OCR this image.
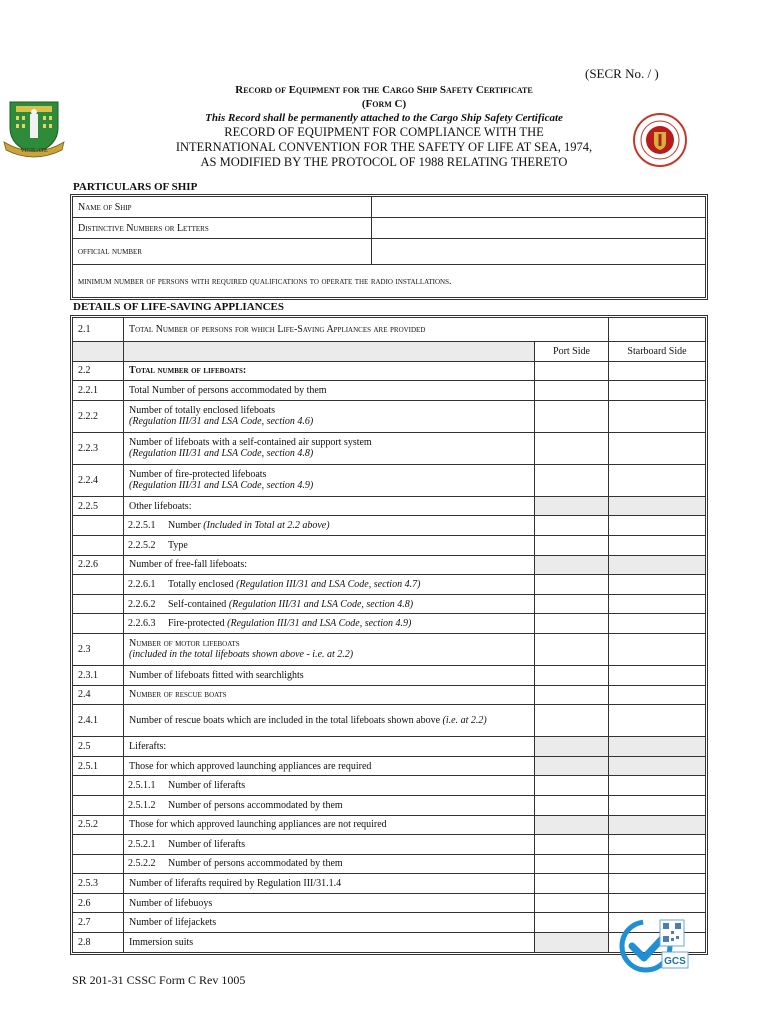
(SECR No. / )
Record of Equipment for the Cargo Ship Safety Certificate
(Form C)
This Record shall be permanently attached to the Cargo Ship Safety Certificate
RECORD OF EQUIPMENT FOR COMPLIANCE WITH THE
INTERNATIONAL CONVENTION FOR THE SAFETY OF LIFE AT SEA, 1974,
AS MODIFIED BY THE PROTOCOL OF 1988 RELATING THERETO
VIGILATE
PARTICULARS OF SHIP
Name of Ship	
Distinctive Numbers or Letters	
official number	
minimum number of persons with required qualifications to operate the radio installations.	
DETAILS OF LIFE-SAVING APPLIANCES
2.1	Total Number of persons for which Life-Saving Appliances are provided		
		Port Side	Starboard Side
2.2	Total number of lifeboats:		
2.2.1	Total Number of persons accommodated by them		
2.2.2	Number of totally enclosed lifeboats
(Regulation III/31 and LSA Code, section 4.6)		
2.2.3	Number of lifeboats with a self-contained air support system
(Regulation III/31 and LSA Code, section 4.8)		
2.2.4	Number of fire-protected lifeboats
(Regulation III/31 and LSA Code, section 4.9)		
2.2.5	Other lifeboats:		
	2.2.5.1 Number (Included in Total at 2.2 above)		
	2.2.5.2 Type		
2.2.6	Number of free-fall lifeboats:		
	2.2.6.1 Totally enclosed (Regulation III/31 and LSA Code, section 4.7)		
	2.2.6.2 Self-contained (Regulation III/31 and LSA Code, section 4.8)		
	2.2.6.3 Fire-protected (Regulation III/31 and LSA Code, section 4.9)		
2.3	Number of motor lifeboats
(included in the total lifeboats shown above - i.e. at 2.2)		
2.3.1	Number of lifeboats fitted with searchlights		
2.4	Number of rescue boats		
2.4.1	Number of rescue boats which are included in the total lifeboats shown above (i.e. at 2.2)		
2.5	Liferafts:		
2.5.1	Those for which approved launching appliances are required		
	2.5.1.1 Number of liferafts		
	2.5.1.2 Number of persons accommodated by them		
2.5.2	Those for which approved launching appliances are not required		
	2.5.2.1 Number of liferafts		
	2.5.2.2 Number of persons accommodated by them		
2.5.3	Number of liferafts required by Regulation III/31.1.4		
2.6	Number of lifebuoys		
2.7	Number of lifejackets		
2.8	Immersion suits		
SR 201-31 CSSC Form C Rev 1005
GCS
